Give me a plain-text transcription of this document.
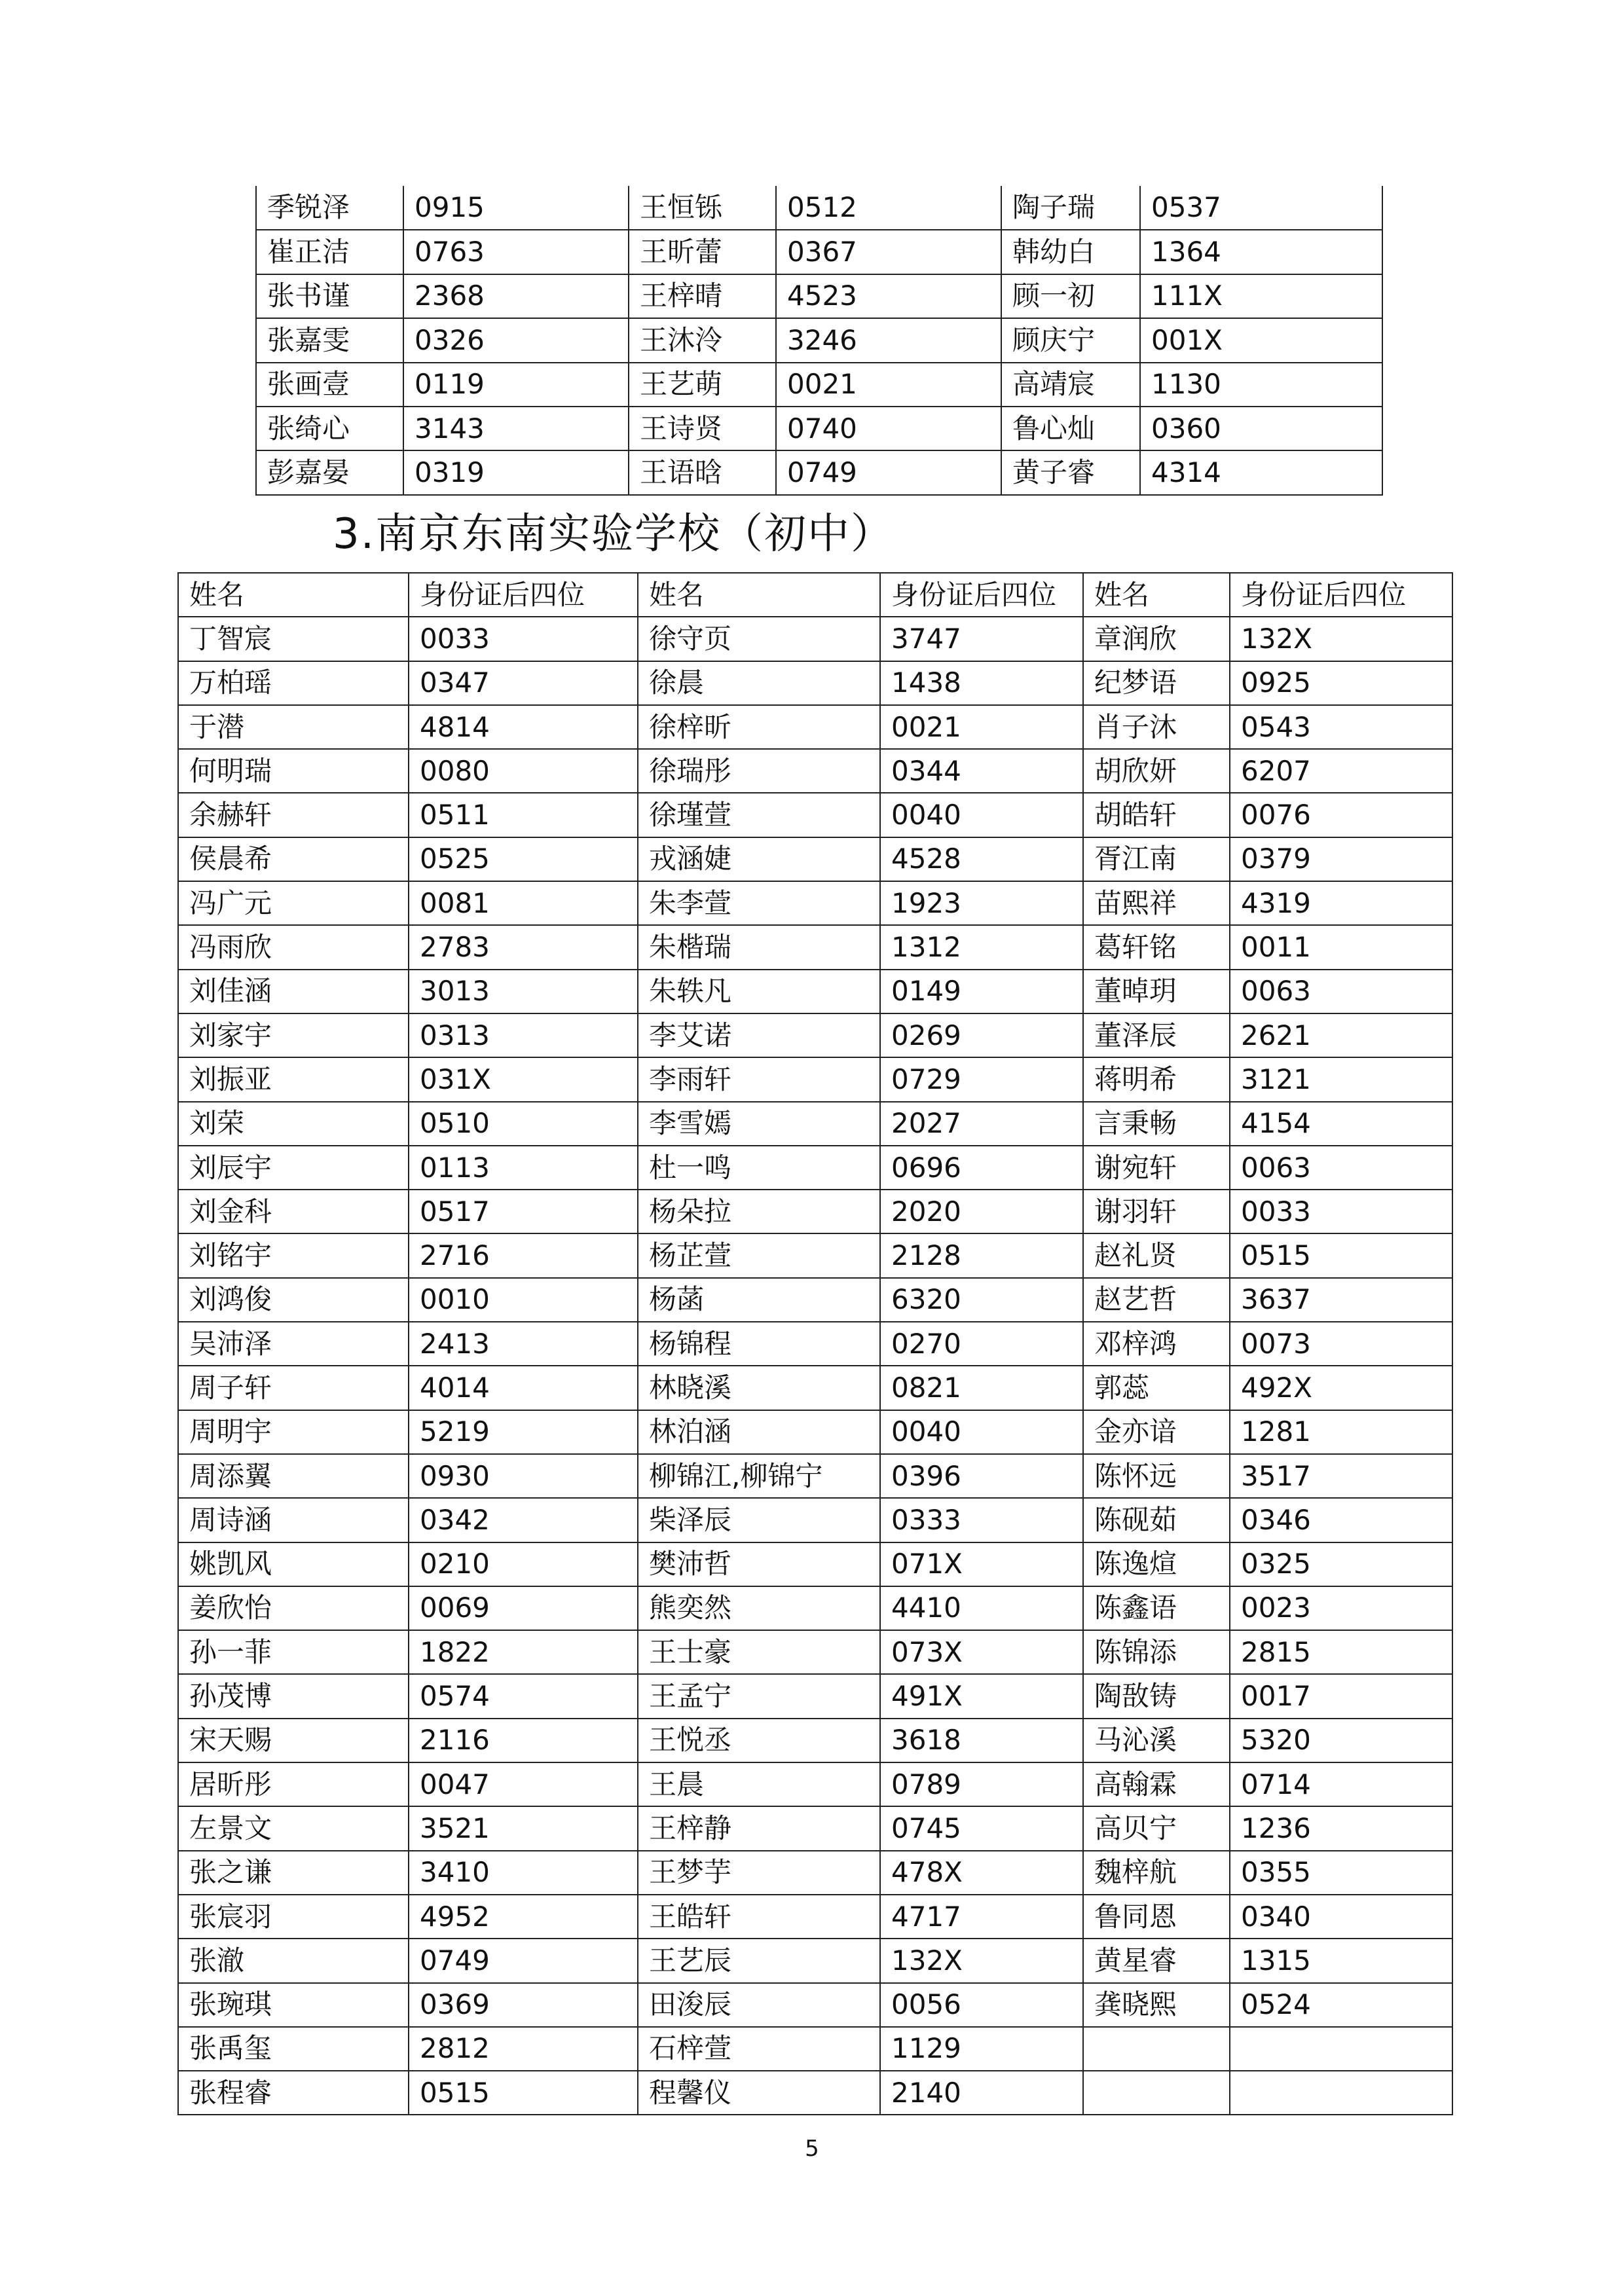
季锐泽	0915	王恒铄	0512	陶子瑞	0537
崔正洁	0763	王昕蕾	0367	韩幼白	1364
张书谨	2368	王梓晴	4523	顾一初	111X
张嘉雯	0326	王沐泠	3246	顾庆宁	001X
张画壹	0119	王艺萌	0021	高靖宸	1130
张绮心	3143	王诗贤	0740	鲁心灿	0360
彭嘉晏	0319	王语晗	0749	黄子睿	4314
3.南京东南实验学校（初中）
姓名	身份证后四位	姓名	身份证后四位	姓名	身份证后四位
丁智宸	0033	徐守页	3747	章润欣	132X
万柏瑶	0347	徐晨	1438	纪梦语	0925
于潜	4814	徐梓昕	0021	肖子沐	0543
何明瑞	0080	徐瑞彤	0344	胡欣妍	6207
余赫轩	0511	徐瑾萱	0040	胡皓轩	0076
侯晨希	0525	戎涵婕	4528	胥江南	0379
冯广元	0081	朱李萱	1923	苗熙祥	4319
冯雨欣	2783	朱楷瑞	1312	葛轩铭	0011
刘佳涵	3013	朱轶凡	0149	董晫玥	0063
刘家宇	0313	李艾诺	0269	董泽辰	2621
刘振亚	031X	李雨轩	0729	蒋明希	3121
刘荣	0510	李雪嫣	2027	言秉畅	4154
刘辰宇	0113	杜一鸣	0696	谢宛轩	0063
刘金科	0517	杨朵拉	2020	谢羽轩	0033
刘铭宇	2716	杨芷萱	2128	赵礼贤	0515
刘鸿俊	0010	杨菡	6320	赵艺哲	3637
吴沛泽	2413	杨锦程	0270	邓梓鸿	0073
周子轩	4014	林晓溪	0821	郭蕊	492X
周明宇	5219	林泊涵	0040	金亦谙	1281
周添翼	0930	柳锦江,柳锦宁	0396	陈怀远	3517
周诗涵	0342	柴泽辰	0333	陈砚茹	0346
姚凯风	0210	樊沛哲	071X	陈逸煊	0325
姜欣怡	0069	熊奕然	4410	陈鑫语	0023
孙一菲	1822	王士豪	073X	陈锦添	2815
孙茂博	0574	王孟宁	491X	陶敔铸	0017
宋天赐	2116	王悦丞	3618	马沁溪	5320
居昕彤	0047	王晨	0789	高翰霖	0714
左景文	3521	王梓静	0745	高贝宁	1236
张之谦	3410	王梦芋	478X	魏梓航	0355
张宸羽	4952	王皓轩	4717	鲁同恩	0340
张澈	0749	王艺辰	132X	黄星睿	1315
张琬琪	0369	田浚辰	0056	龚晓熙	0524
张禹玺	2812	石梓萱	1129		
张程睿	0515	程馨仪	2140		
5
